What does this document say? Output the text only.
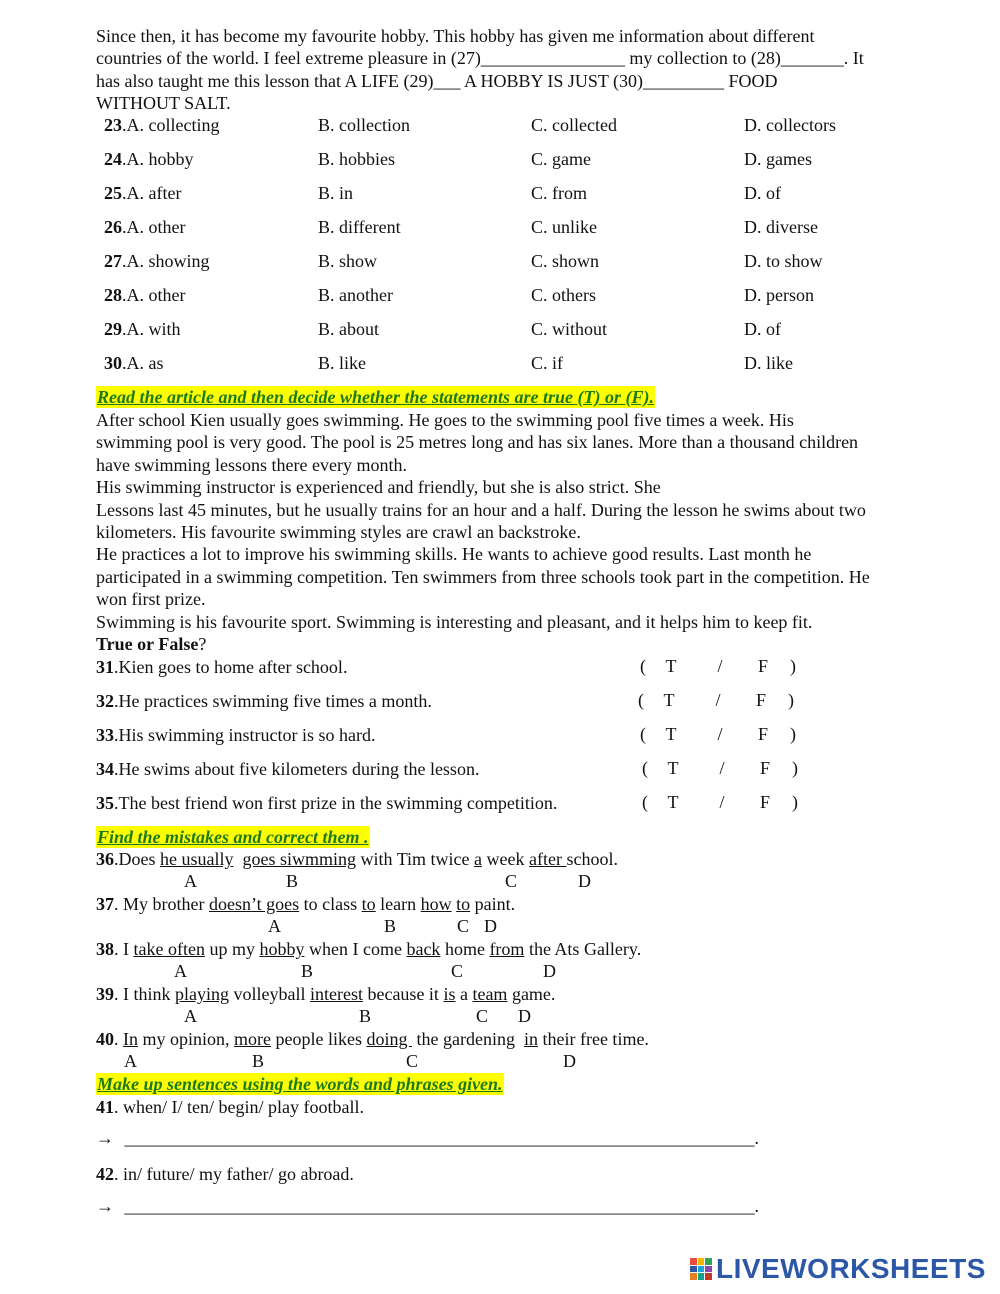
Since then, it has become my favourite hobby. This hobby has given me information about different
countries of the world. I feel extreme pleasure in (27)________________ my collection to (28)_______. It
has also taught me this lesson that A LIFE (29)___ A HOBBY IS JUST (30)_________ FOOD
WITHOUT SALT.
23.A. collecting	B. collection	C. collected	D. collectors
24.A. hobby	B. hobbies	C. game	D. games
25.A. after	B. in	C. from	D. of
26.A. other	B. different	C. unlike	D. diverse
27.A. showing	B. show	C. shown	D. to show
28.A. other	B. another	C. others	D. person
29.A. with	B. about	C. without	D. of
30.A. as	B. like	C. if	D. like
Read the article and then decide whether the statements are true (T) or (F).
After school Kien usually goes swimming. He goes to the swimming pool five times a week. His
swimming pool is very good. The pool is 25 metres long and has six lanes. More than a thousand children
have swimming lessons there every month.
His swimming instructor is experienced and friendly, but she is also strict. She
Lessons last 45 minutes, but he usually trains for an hour and a half. During the lesson he swims about two
kilometers. His favourite swimming styles are crawl an backstroke.
He practices a lot to improve his swimming skills. He wants to achieve good results. Last month he
participated in a swimming competition. Ten swimmers from three schools took part in the competition. He
won first prize.
Swimming is his favourite sport. Swimming is interesting and pleasant, and it helps him to keep fit.
True or False?
31.Kien goes to home after school.	( T / F )
32.He practices swimming five times a month.	( T / F )
33.His swimming instructor is so hard.	( T / F )
34.He swims about five kilometers during the lesson.	( T / F )
35.The best friend won first prize in the swimming competition.	( T / F )
Find the mistakes and correct them .
36.Does he usually goes siwmming with Tim twice a week after school.
A	B	C	D
37. My brother doesn’t goes to class to learn how to paint.
A	B	C D
38. I take often up my hobby when I come back home from the Ats Gallery.
A	B	C	D
39. I think playing volleyball interest because it is a team game.
A	B	C D
40. In my opinion, more people likes doing  the gardening  in their free time.
A	B	C	D
Make up sentences using the words and phrases given.
41. when/ I/ ten/ begin/ play football.
→ ______________________________________________________________________.
42. in/ future/ my father/ go abroad.
→ ______________________________________________________________________.
LIVEWORKSHEETS
